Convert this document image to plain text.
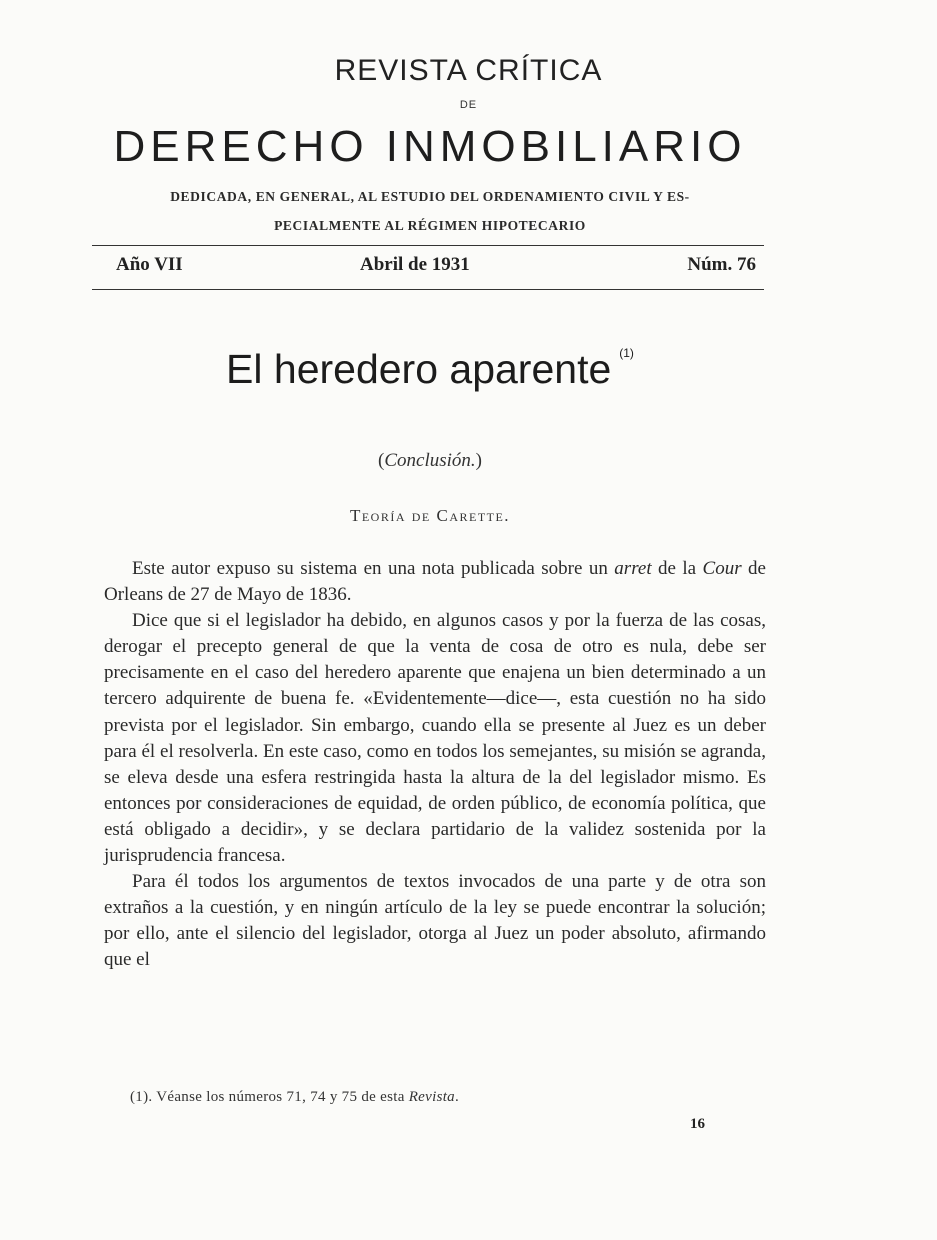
REVISTA CRÍTICA
DE
DERECHO INMOBILIARIO
DEDICADA, EN GENERAL, AL ESTUDIO DEL ORDENAMIENTO CIVIL Y ES-
PECIALMENTE AL RÉGIMEN HIPOTECARIO
Año VII	Abril de 1931	Núm. 76
El heredero aparente $^{(1)}$
(Conclusión.)
Teoría de Carette.

Este autor expuso su sistema en una nota publicada sobre un arret de la Cour de Orleans de 27 de Mayo de 1836.

Dice que si el legislador ha debido, en algunos casos y por la fuerza de las cosas, derogar el precepto general de que la venta de cosa de otro es nula, debe ser precisamente en el caso del heredero aparente que enajena un bien determinado a un tercero adquirente de buena fe. «Evidentemente—dice—, esta cuestión no ha sido prevista por el legislador. Sin embargo, cuando ella se presente al Juez es un deber para él el resolverla. En este caso, como en todos los semejantes, su misión se agranda, se eleva desde una esfera restringida hasta la altura de la del legislador mismo. Es entonces por consideraciones de equidad, de orden público, de economía política, que está obligado a decidir», y se declara partidario de la validez sostenida por la jurisprudencia francesa.

Para él todos los argumentos de textos invocados de una parte y de otra son extraños a la cuestión, y en ningún artículo de la ley se puede encontrar la solución; por ello, ante el silencio del legislador, otorga al Juez un poder absoluto, afirmando que el

(1). Véanse los números 71, 74 y 75 de esta Revista.
16
